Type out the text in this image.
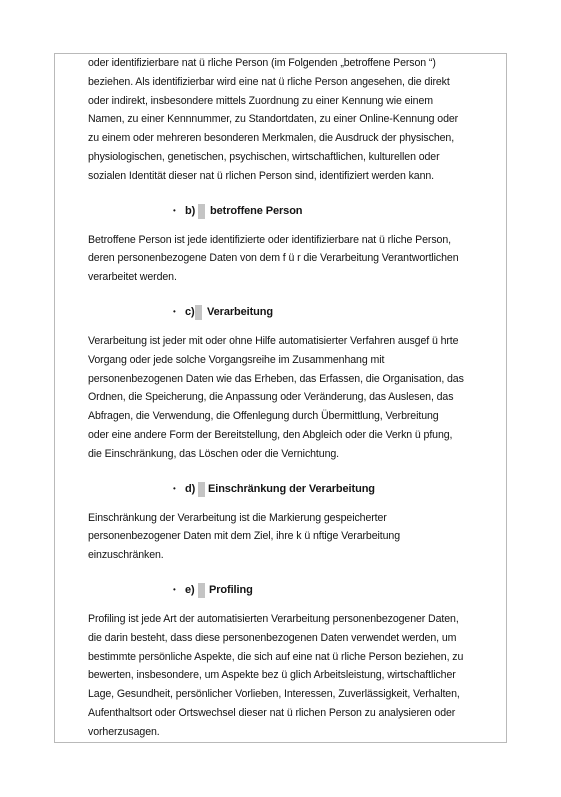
oder identifizierbare nat ü rliche Person (im Folgenden „betroffene Person “)
beziehen. Als identifizierbar wird eine nat ü rliche Person angesehen, die direkt
oder indirekt, insbesondere mittels Zuordnung zu einer Kennung wie einem
Namen, zu einer Kennnummer, zu Standortdaten, zu einer Online-Kennung oder
zu einem oder mehreren besonderen Merkmalen, die Ausdruck der physischen,
physiologischen, genetischen, psychischen, wirtschaftlichen, kulturellen oder
sozialen Identität dieser nat ü rlichen Person sind, identifiziert werden kann.
• b) betroffene Person
Betroffene Person ist jede identifizierte oder identifizierbare nat ü rliche Person,
deren personenbezogene Daten von dem f ü r die Verarbeitung Verantwortlichen
verarbeitet werden.
• c) Verarbeitung
Verarbeitung ist jeder mit oder ohne Hilfe automatisierter Verfahren ausgef ü hrte
Vorgang oder jede solche Vorgangsreihe im Zusammenhang mit
personenbezogenen Daten wie das Erheben, das Erfassen, die Organisation, das
Ordnen, die Speicherung, die Anpassung oder Veränderung, das Auslesen, das
Abfragen, die Verwendung, die Offenlegung durch Übermittlung, Verbreitung
oder eine andere Form der Bereitstellung, den Abgleich oder die Verkn ü pfung,
die Einschränkung, das Löschen oder die Vernichtung.
• d) Einschränkung der Verarbeitung
Einschränkung der Verarbeitung ist die Markierung gespeicherter
personenbezogener Daten mit dem Ziel, ihre k ü nftige Verarbeitung
einzuschränken.
• e) Profiling
Profiling ist jede Art der automatisierten Verarbeitung personenbezogener Daten,
die darin besteht, dass diese personenbezogenen Daten verwendet werden, um
bestimmte persönliche Aspekte, die sich auf eine nat ü rliche Person beziehen, zu
bewerten, insbesondere, um Aspekte bez ü glich Arbeitsleistung, wirtschaftlicher
Lage, Gesundheit, persönlicher Vorlieben, Interessen, Zuverlässigkeit, Verhalten,
Aufenthaltsort oder Ortswechsel dieser nat ü rlichen Person zu analysieren oder
vorherzusagen.
